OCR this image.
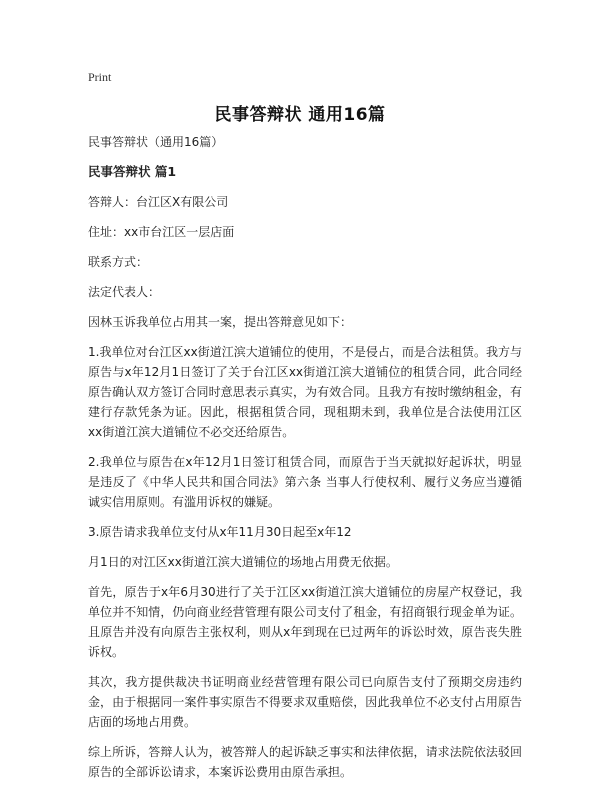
Print
民事答辩状 通用16篇

民事答辩状（通用16篇）

民事答辩状 篇1

答辩人：台江区X有限公司

住址：xx市台江区一层店面

联系方式：

法定代表人：

因林玉诉我单位占用其一案，提出答辩意见如下：

1.我单位对台江区xx街道江滨大道铺位的使用，不是侵占，而是合法租赁。我方与原告与x年12月1日签订了关于台江区xx街道江滨大道铺位的租赁合同，此合同经原告确认双方签订合同时意思表示真实，为有效合同。且我方有按时缴纳租金，有建行存款凭条为证。因此，根据租赁合同，现租期未到，我单位是合法使用江区xx街道江滨大道铺位不必交还给原告。

2.我单位与原告在x年12月1日签订租赁合同，而原告于当天就拟好起诉状，明显是违反了《中华人民共和国合同法》第六条 当事人行使权利、履行义务应当遵循诚实信用原则。有滥用诉权的嫌疑。

3.原告请求我单位支付从x年11月30日起至x年12

月1日的对江区xx街道江滨大道铺位的场地占用费无依据。

首先，原告于x年6月30进行了关于江区xx街道江滨大道铺位的房屋产权登记，我单位并不知情，仍向商业经营管理有限公司支付了租金，有招商银行现金单为证。且原告并没有向原告主张权利，则从x年到现在已过两年的诉讼时效，原告丧失胜诉权。

其次，我方提供裁决书证明商业经营管理有限公司已向原告支付了预期交房违约金，由于根据同一案件事实原告不得要求双重赔偿，因此我单位不必支付占用原告店面的场地占用费。

综上所诉，答辩人认为，被答辩人的起诉缺乏事实和法律依据，请求法院依法驳回原告的全部诉讼请求，本案诉讼费用由原告承担。
